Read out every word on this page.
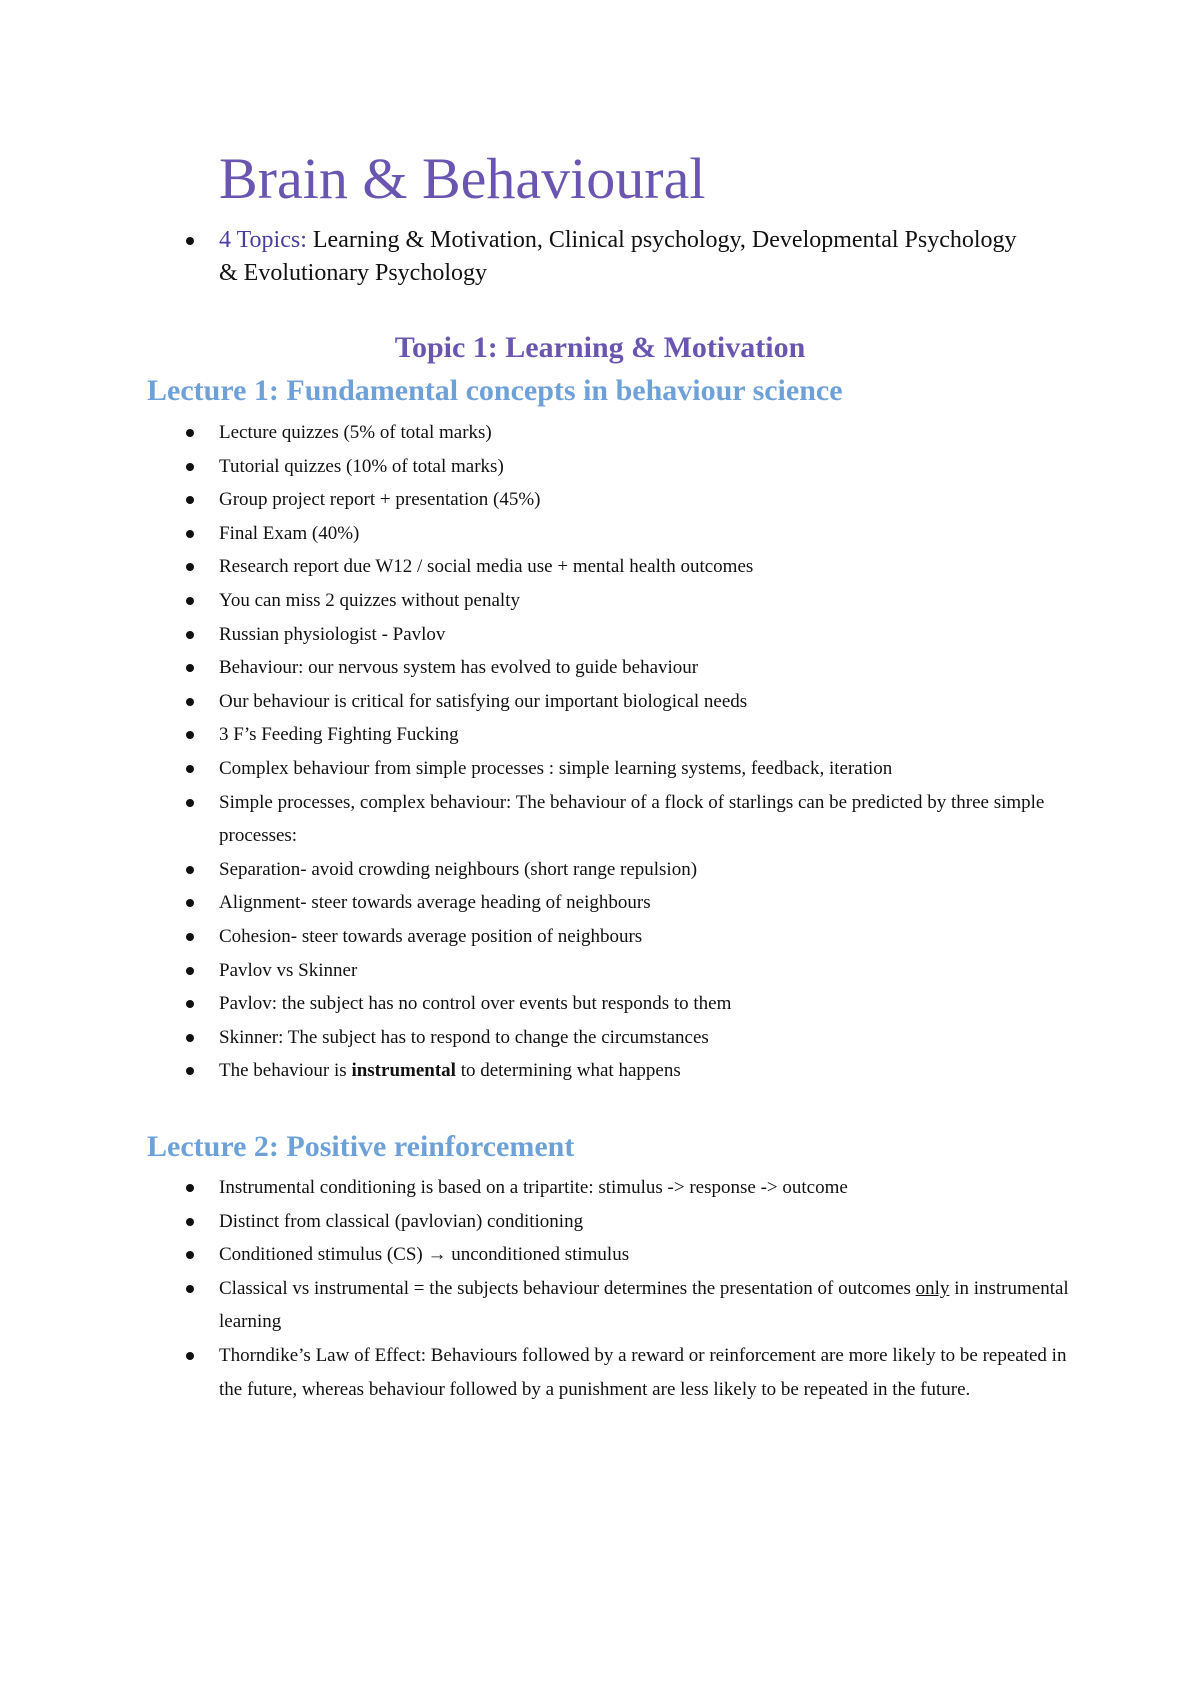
Brain & Behavioural
4 Topics: Learning & Motivation, Clinical psychology, Developmental Psychology & Evolutionary Psychology
Topic 1: Learning & Motivation
Lecture 1: Fundamental concepts in behaviour science
Lecture quizzes (5% of total marks)
Tutorial quizzes (10% of total marks)
Group project report + presentation (45%)
Final Exam (40%)
Research report due W12 / social media use + mental health outcomes
You can miss 2 quizzes without penalty
Russian physiologist - Pavlov
Behaviour: our nervous system has evolved to guide behaviour
Our behaviour is critical for satisfying our important biological needs
3 F’s Feeding Fighting Fucking
Complex behaviour from simple processes : simple learning systems, feedback, iteration
Simple processes, complex behaviour: The behaviour of a flock of starlings can be predicted by three simple processes:
Separation- avoid crowding neighbours (short range repulsion)
Alignment- steer towards average heading of neighbours
Cohesion- steer towards average position of neighbours
Pavlov vs Skinner
Pavlov: the subject has no control over events but responds to them
Skinner: The subject has to respond to change the circumstances
The behaviour is instrumental to determining what happens
Lecture 2: Positive reinforcement
Instrumental conditioning is based on a tripartite: stimulus -> response -> outcome
Distinct from classical (pavlovian) conditioning
Conditioned stimulus (CS) → unconditioned stimulus
Classical vs instrumental = the subjects behaviour determines the presentation of outcomes only in instrumental learning
Thorndike’s Law of Effect: Behaviours followed by a reward or reinforcement are more likely to be repeated in the future, whereas behaviour followed by a punishment are less likely to be repeated in the future.
